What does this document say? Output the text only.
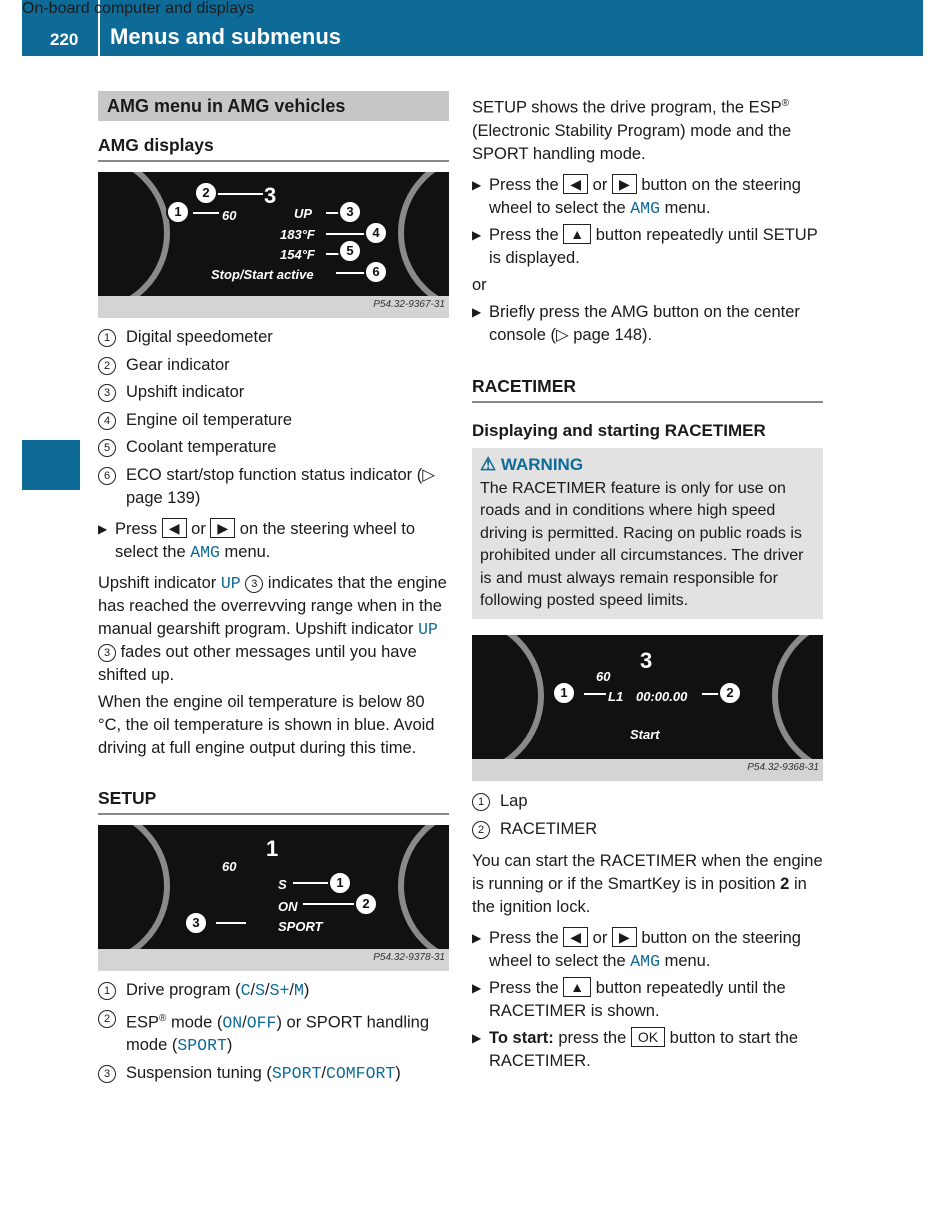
220 Menus and submenus
On-board computer and displays
AMG menu in AMG vehicles
AMG displays
60
3
UP
183°F
154°F
Stop/Start active
1
2
3
4
5
6
P54.32-9367-31
1 Digital speedometer
2 Gear indicator
3 Upshift indicator
4 Engine oil temperature
5 Coolant temperature
6 ECO start/stop function status indicator (▷ page 139)
▶ Press ◀ or ▶ on the steering wheel to select the AMG menu.

Upshift indicator UP 3 indicates that the engine has reached the overrevving range when in the manual gearshift program. Upshift indicator UP 3 fades out other messages until you have shifted up.

When the engine oil temperature is below 80 °C, the oil temperature is shown in blue. Avoid driving at full engine output during this time.

SETUP
60
1
S
ON
SPORT
1
2
3
P54.32-9378-31
1 Drive program (C/S/S+/M)
2 ESP® mode (ON/OFF) or SPORT handling mode (SPORT)
3 Suspension tuning (SPORT/COMFORT)

SETUP shows the drive program, the ESP® (Electronic Stability Program) mode and the SPORT handling mode.

▶ Press the ◀ or ▶ button on the steering wheel to select the AMG menu.
▶ Press the ▲ button repeatedly until SETUP is displayed.

or

▶ Briefly press the AMG button on the center console (▷ page 148).
RACETIMER
Displaying and starting RACETIMER
⚠ WARNING
The RACETIMER feature is only for use on roads and in conditions where high speed driving is permitted. Racing on public roads is prohibited under all circumstances. The driver is and must always remain responsible for following posted speed limits.
60
3
L1 00:00.00
Start
1	2
P54.32-9368-31
1 Lap
2 RACETIMER

You can start the RACETIMER when the engine is running or if the SmartKey is in position 2 in the ignition lock.

▶ Press the ◀ or ▶ button on the steering wheel to select the AMG menu.
▶ Press the ▲ button repeatedly until the RACETIMER is shown.
▶ To start: press the OK button to start the RACETIMER.
